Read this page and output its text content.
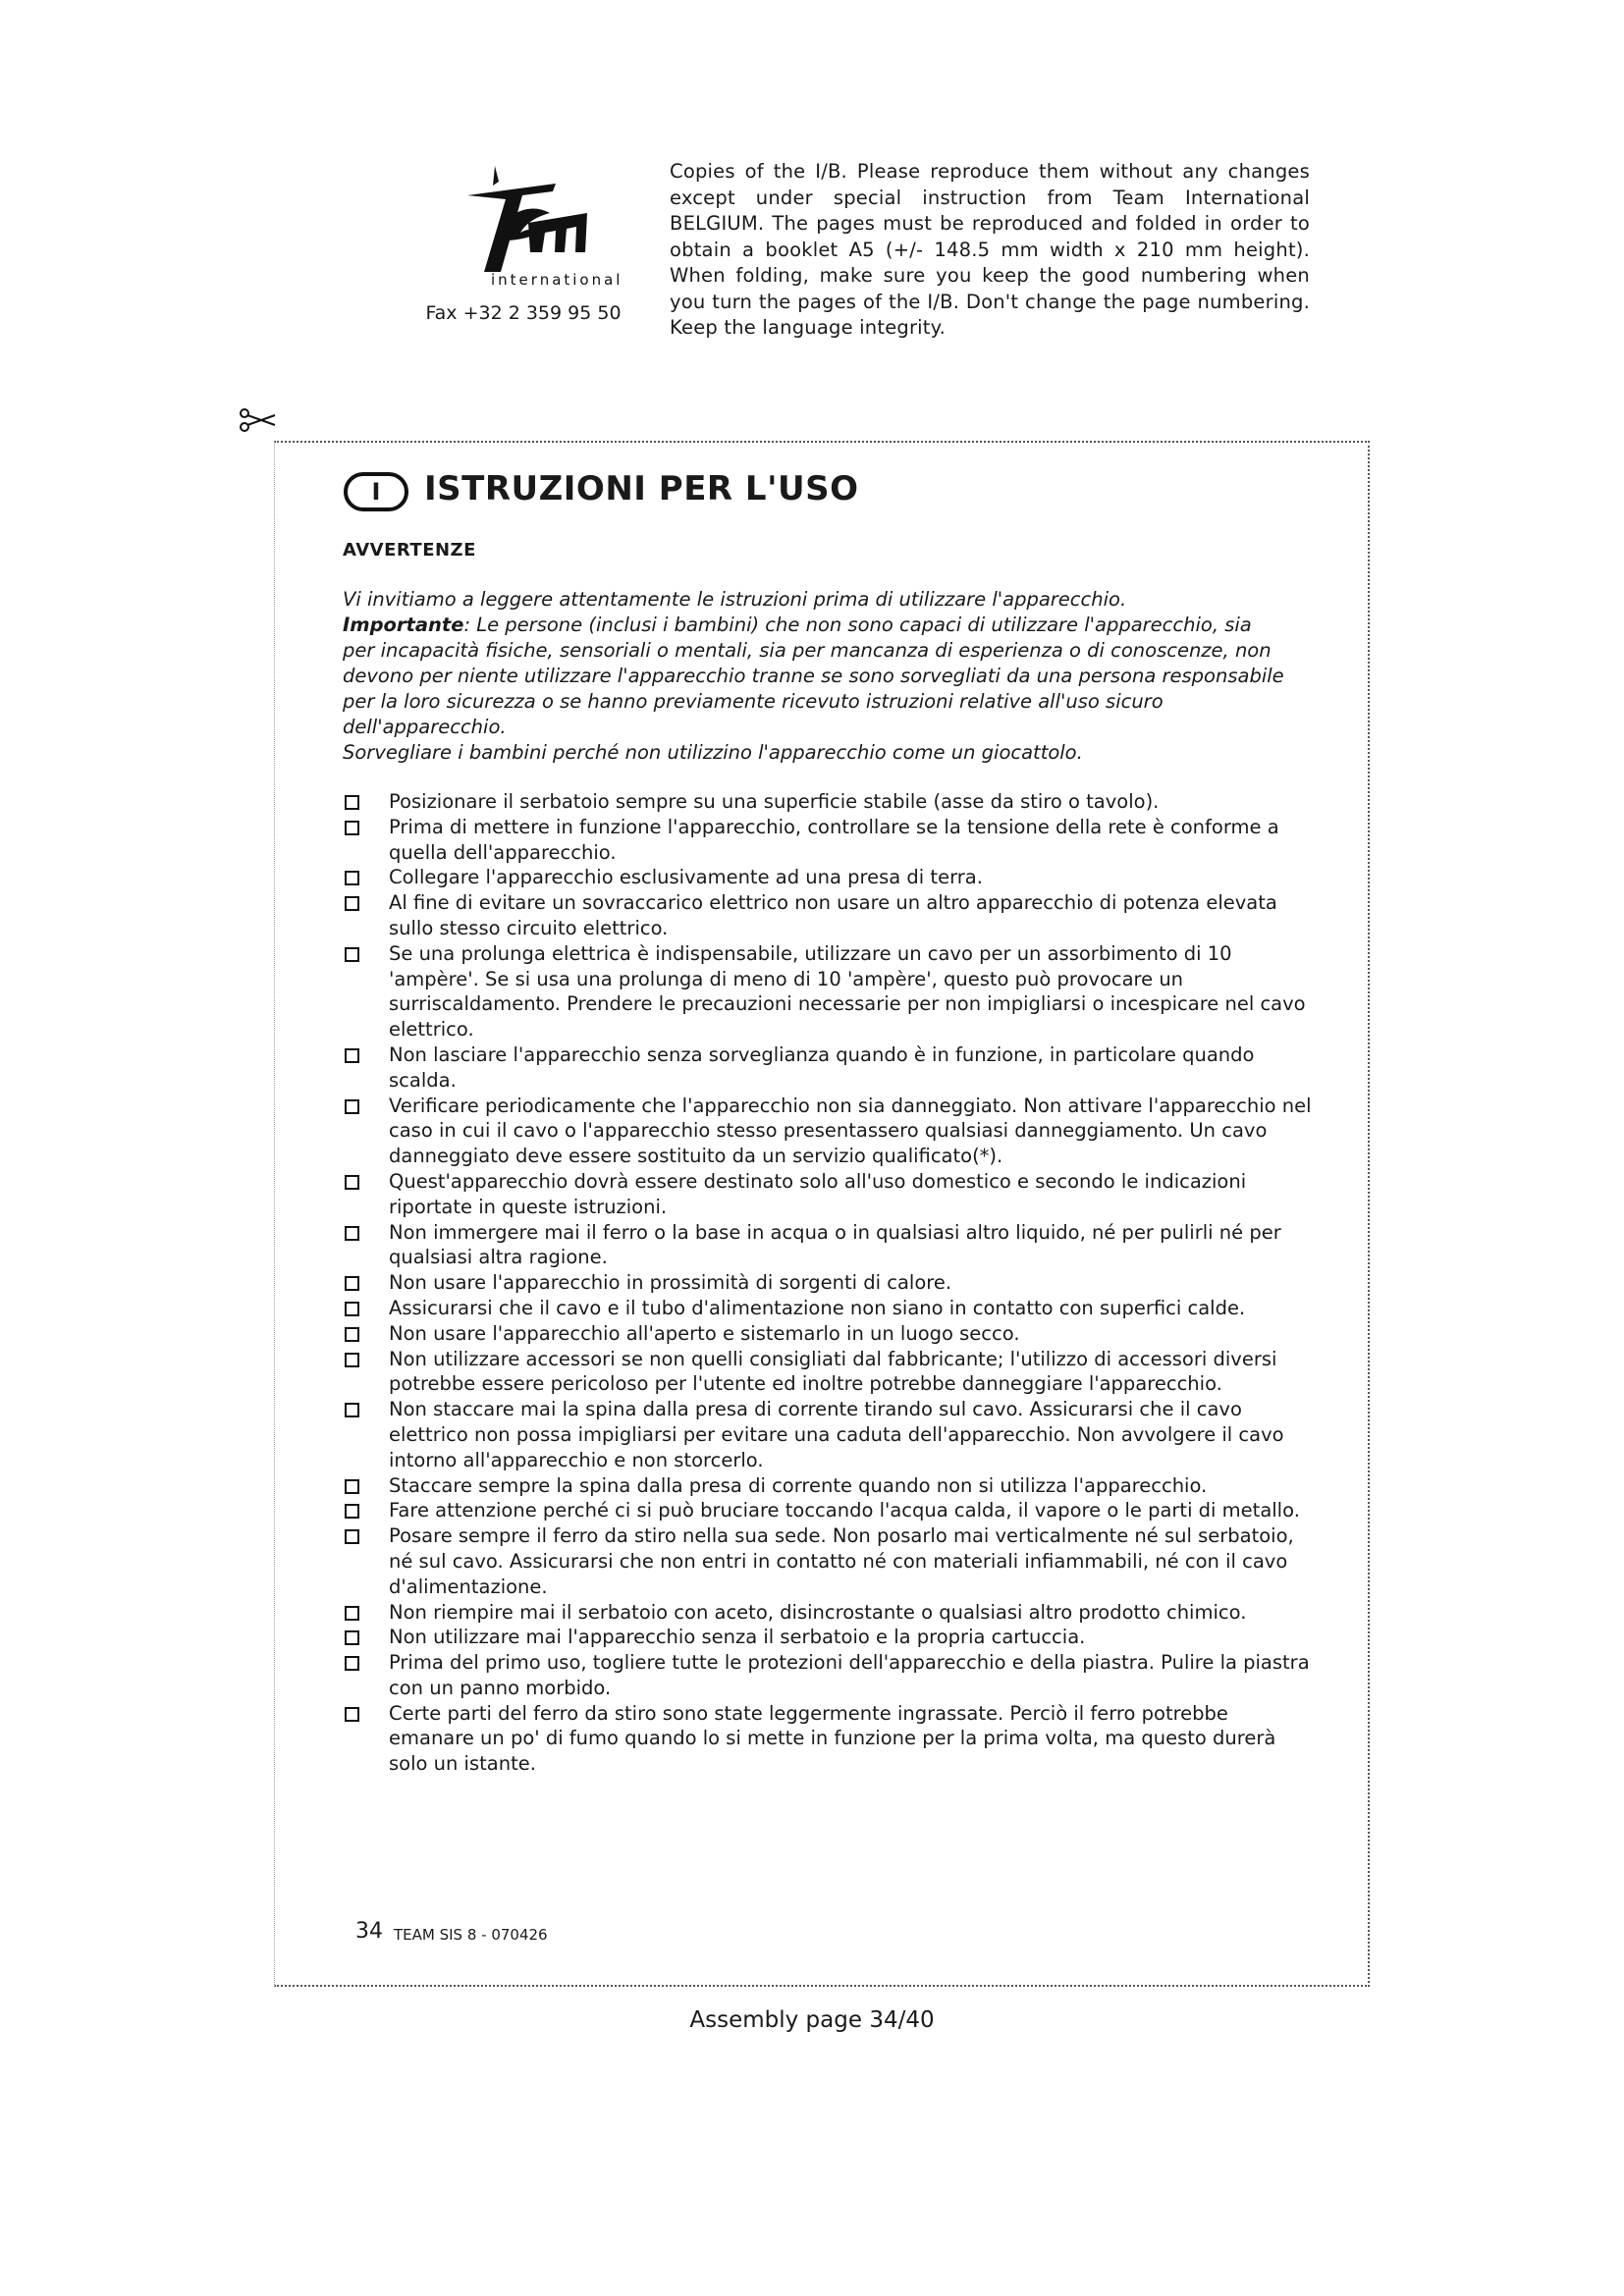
international
team
Fax +32 2 359 95 50
Copies of the I/B. Please reproduce them without any changes except under special instruction from Team International BELGIUM. The pages must be reproduced and folded in order to obtain a booklet A5 (+/- 148.5 mm width x 210 mm height). When folding, make sure you keep the good numbering when you turn the pages of the I/B. Don't change the page numbering. Keep the language integrity.
I	ISTRUZIONI PER L'USO
AVVERTENZE

Vi invitiamo a leggere attentamente le istruzioni prima di utilizzare l'apparecchio.

Importante: Le persone (inclusi i bambini) che non sono capaci di utilizzare l'apparecchio, sia per incapacità fisiche, sensoriali o mentali, sia per mancanza di esperienza o di conoscenze, non devono per niente utilizzare l'apparecchio tranne se sono sorvegliati da una persona responsabile per la loro sicurezza o se hanno previamente ricevuto istruzioni relative all'uso sicuro dell'apparecchio.

Sorvegliare i bambini perché non utilizzino l'apparecchio come un giocattolo.

Posizionare il serbatoio sempre su una superficie stabile (asse da stiro o tavolo).
Prima di mettere in funzione l'apparecchio, controllare se la tensione della rete è conforme a quella dell'apparecchio.
Collegare l'apparecchio esclusivamente ad una presa di terra.
Al fine di evitare un sovraccarico elettrico non usare un altro apparecchio di potenza elevata sullo stesso circuito elettrico.
Se una prolunga elettrica è indispensabile, utilizzare un cavo per un assorbimento di 10 'ampère'. Se si usa una prolunga di meno di 10 'ampère', questo può provocare un surriscaldamento. Prendere le precauzioni necessarie per non impigliarsi o incespicare nel cavo elettrico.
Non lasciare l'apparecchio senza sorveglianza quando è in funzione, in particolare quando scalda.
Verificare periodicamente che l'apparecchio non sia danneggiato. Non attivare l'apparecchio nel caso in cui il cavo o l'apparecchio stesso presentassero qualsiasi danneggiamento. Un cavo danneggiato deve essere sostituito da un servizio qualificato(*).
Quest'apparecchio dovrà essere destinato solo all'uso domestico e secondo le indicazioni riportate in queste istruzioni.
Non immergere mai il ferro o la base in acqua o in qualsiasi altro liquido, né per pulirli né per qualsiasi altra ragione.
Non usare l'apparecchio in prossimità di sorgenti di calore.
Assicurarsi che il cavo e il tubo d'alimentazione non siano in contatto con superfici calde.
Non usare l'apparecchio all'aperto e sistemarlo in un luogo secco.
Non utilizzare accessori se non quelli consigliati dal fabbricante; l'utilizzo di accessori diversi potrebbe essere pericoloso per l'utente ed inoltre potrebbe danneggiare l'apparecchio.
Non staccare mai la spina dalla presa di corrente tirando sul cavo. Assicurarsi che il cavo elettrico non possa impigliarsi per evitare una caduta dell'apparecchio. Non avvolgere il cavo intorno all'apparecchio e non storcerlo.
Staccare sempre la spina dalla presa di corrente quando non si utilizza l'apparecchio.
Fare attenzione perché ci si può bruciare toccando l'acqua calda, il vapore o le parti di metallo.
Posare sempre il ferro da stiro nella sua sede. Non posarlo mai verticalmente né sul serbatoio, né sul cavo. Assicurarsi che non entri in contatto né con materiali infiammabili, né con il cavo d'alimentazione.
Non riempire mai il serbatoio con aceto, disincrostante o qualsiasi altro prodotto chimico.
Non utilizzare mai l'apparecchio senza il serbatoio e la propria cartuccia.
Prima del primo uso, togliere tutte le protezioni dell'apparecchio e della piastra. Pulire la piastra con un panno morbido.
Certe parti del ferro da stiro sono state leggermente ingrassate. Perciò il ferro potrebbe emanare un po' di fumo quando lo si mette in funzione per la prima volta, ma questo durerà solo un istante.
34 TEAM SIS 8 - 070426
Assembly page 34/40
